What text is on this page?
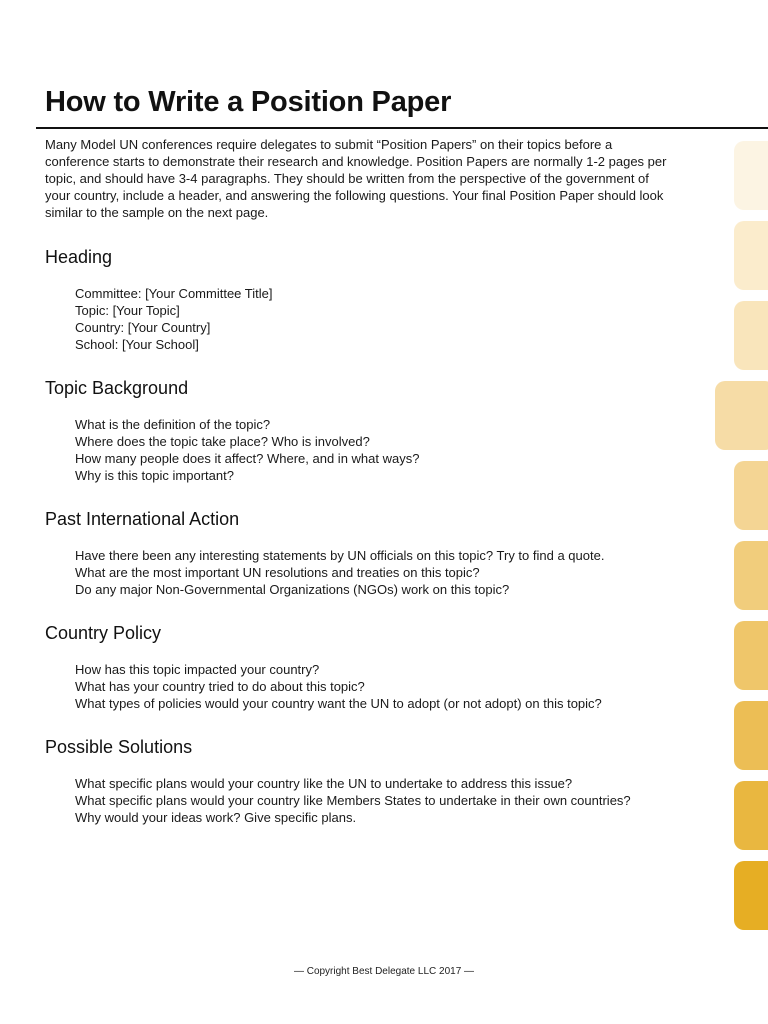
How to Write a Position Paper
Many Model UN conferences require delegates to submit “Position Papers” on their topics before a conference starts to demonstrate their research and knowledge. Position Papers are normally 1-2 pages per topic, and should have 3-4 paragraphs. They should be written from the perspective of the government of your country, include a header, and answering the following questions. Your final Position Paper should look similar to the sample on the next page.
Heading
Committee: [Your Committee Title]
Topic: [Your Topic]
Country: [Your Country]
School: [Your School]
Topic Background
What is the definition of the topic?
Where does the topic take place? Who is involved?
How many people does it affect? Where, and in what ways?
Why is this topic important?
Past International Action
Have there been any interesting statements by UN officials on this topic? Try to find a quote.
What are the most important UN resolutions and treaties on this topic?
Do any major Non-Governmental Organizations (NGOs) work on this topic?
Country Policy
How has this topic impacted your country?
What has your country tried to do about this topic?
What types of policies would your country want the UN to adopt (or not adopt) on this topic?
Possible Solutions
What specific plans would your country like the UN to undertake to address this issue?
What specific plans would your country like Members States to undertake in their own countries?
Why would your ideas work? Give specific plans.
— Copyright Best Delegate LLC 2017 —
